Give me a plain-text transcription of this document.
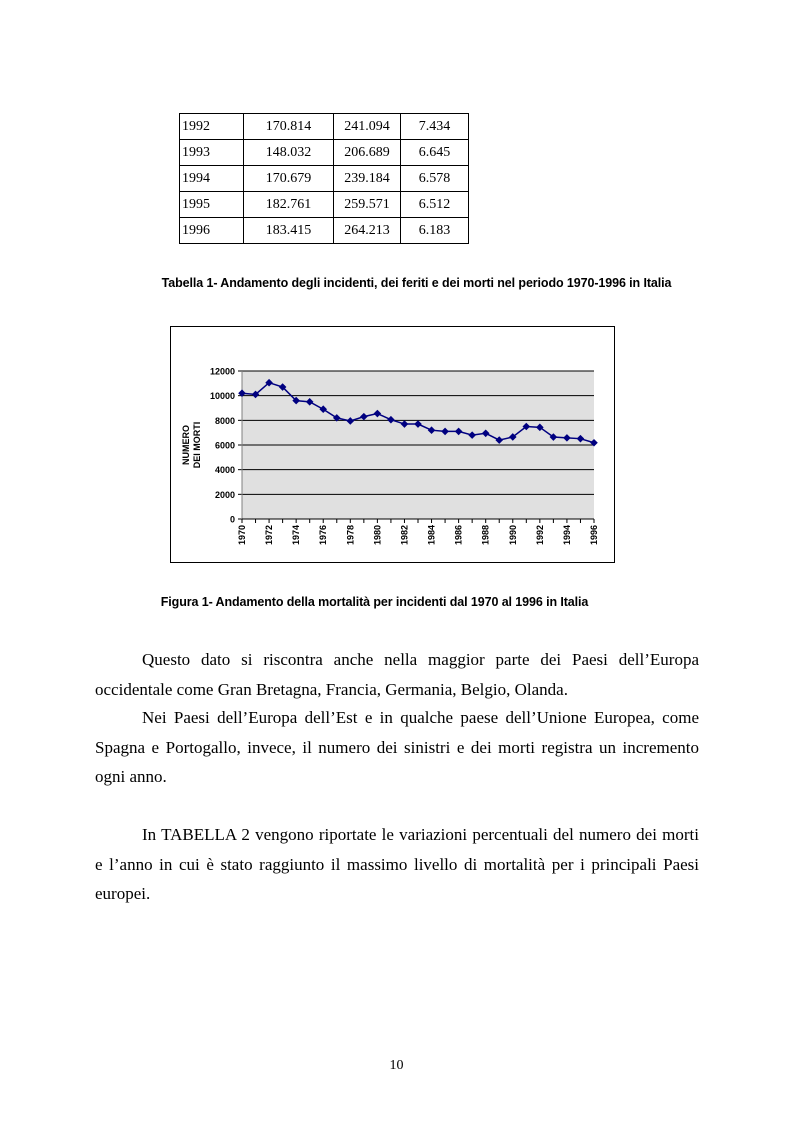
1992	170.814	241.094	7.434
1993	148.032	206.689	6.645
1994	170.679	239.184	6.578
1995	182.761	259.571	6.512
1996	183.415	264.213	6.183
Tabella 1- Andamento degli incidenti, dei feriti e dei morti nel periodo 1970-1996 in Italia
0
2000
4000
6000
8000
10000
12000
1970 1972 1974 1976 1978 1980 1982 1984 1986 1988 1990 1992 1994 1996
NUMERO DEI MORTI
Figura 1- Andamento della mortalità per incidenti dal 1970 al 1996 in Italia

Questo dato si riscontra anche nella maggior parte dei Paesi dell’Europa occidentale come Gran Bretagna, Francia, Germania, Belgio, Olanda.

Nei Paesi dell’Europa dell’Est e in qualche paese dell’Unione Europea, come Spagna e Portogallo, invece, il numero dei sinistri e dei morti registra un incremento ogni anno.

In TABELLA 2 vengono riportate le variazioni percentuali del numero dei morti e l’anno in cui è stato raggiunto il massimo livello di mortalità per i principali Paesi europei.

10
